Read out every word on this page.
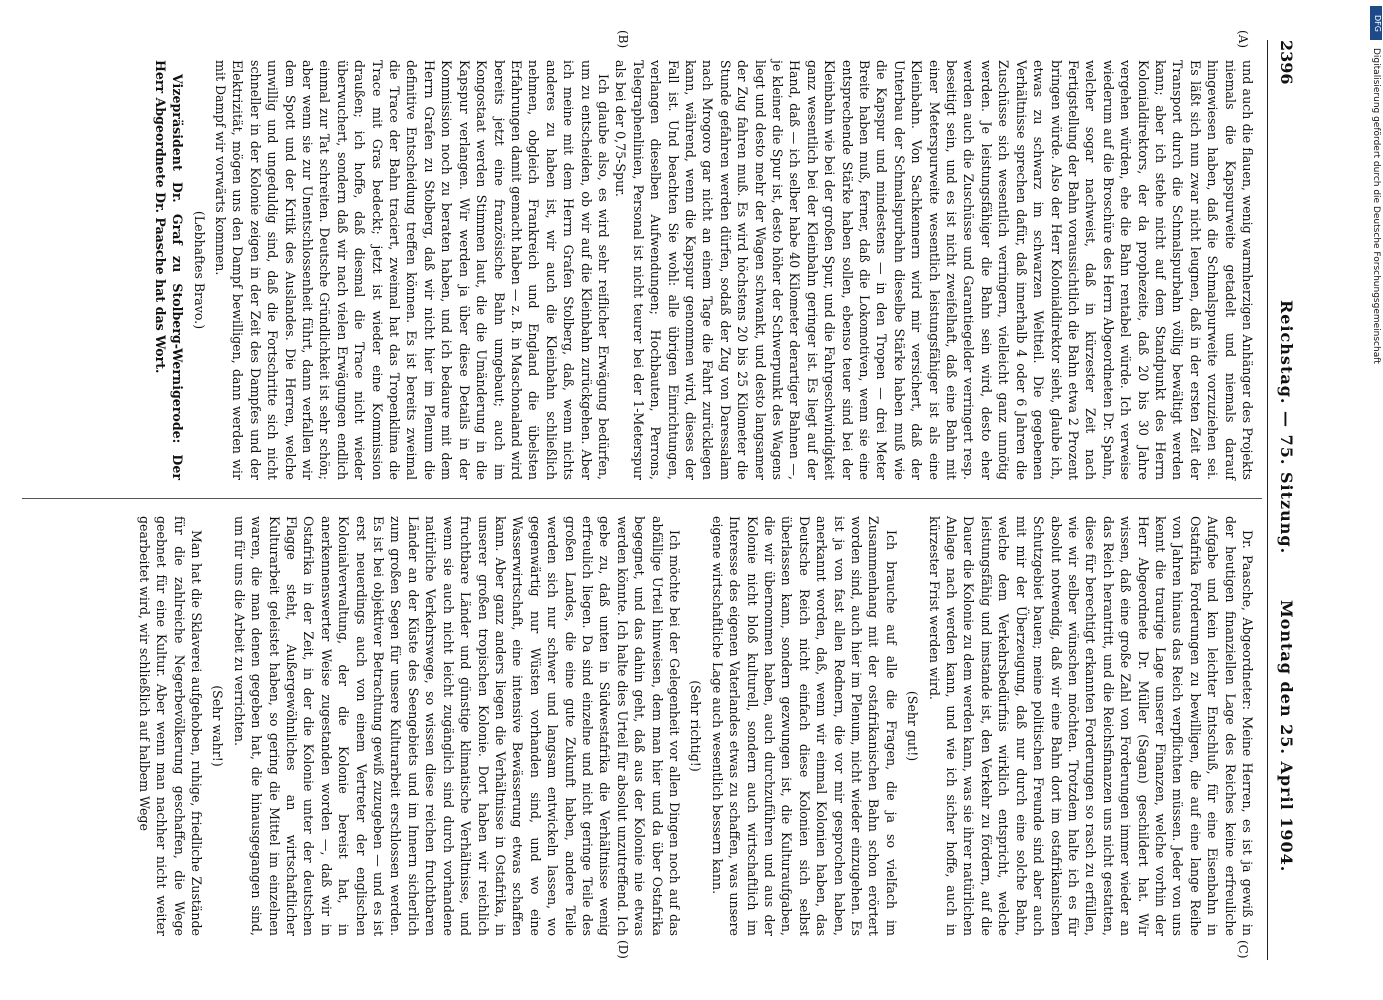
2396
Reichstag. — 75. Sitzung.
Montag den 25. April 1904.
(A)
(B)
(C)
(D)

und auch die flauen, wenig warmherzigen Anhänger des Projekts niemals die Kapspurweite getadelt und niemals darauf hingewiesen haben, daß die Schmalspurweite vorzuziehen sei. Es läßt sich nun zwar nicht leugnen, daß in der ersten Zeit der Transport durch die Schmalspurbahn völlig bewältigt werden kann; aber ich stehe nicht auf dem Standpunkt des Herrn Kolonialdirektors, der da prophezeite, daß 20 bis 30 Jahre vergehen würden, ehe die Bahn rentabel würde. Ich verweise wiederum auf die Broschüre des Herrn Abgeordneten Dr. Spahn, welcher sogar nachweist, daß in kürzester Zeit nach Fertigstellung der Bahn voraussichtlich die Bahn etwa 2 Prozent bringen würde. Also der Herr Kolonialdirektor sieht, glaube ich, etwas zu schwarz im schwarzen Weltteil. Die gegebenen Verhältnisse sprechen dafür, daß innerhalb 4 oder 6 Jahren die Zuschüsse sich wesentlich verringern, vielleicht ganz unnötig werden. Je leistungsfähiger die Bahn sein wird, desto eher werden auch die Zuschüsse und Garantiegelder verringert resp. beseitigt sein, und es ist nicht zweifelhaft, daß eine Bahn mit einer Meterspurweite wesentlich leistungsfähiger ist als eine Kleinbahn. Von Sachkennern wird mir versichert, daß der Unterbau der Schmalspurbahn dieselbe Stärke haben muß wie die Kapspur und mindestens — in den Tropen — drei Meter Breite haben muß, ferner, daß die Lokomotiven, wenn sie eine entsprechende Stärke haben sollen, ebenso teuer sind bei der Kleinbahn wie bei der großen Spur, und die Fahrgeschwindigkeit ganz wesentlich bei der Kleinbahn geringer ist. Es liegt auf der Hand, daß — ich selber habe 40 Kilometer derartiger Bahnen —, je kleiner die Spur ist, desto höher der Schwerpunkt des Wagens liegt und desto mehr der Wagen schwankt, und desto langsamer der Zug fahren muß. Es wird höchstens 20 bis 25 Kilometer die Stunde gefahren werden dürfen, sodaß der Zug von Daressalam nach Mrogoro gar nicht an einem Tage die Fahrt zurücklegen kann, während, wenn die Kapspur genommen wird, dieses der Fall ist. Und beachten Sie wohl: alle übrigen Einrichtungen, verlangen dieselben Aufwendungen; Hochbauten, Perrons, Telegraphenlinien, Personal ist nicht teurer bei der 1-Meterspur als bei der 0,75-Spur.

Ich glaube also, es wird sehr reiflicher Erwägung bedürfen, um zu entscheiden, ob wir auf die Kleinbahn zurückgehen. Aber ich meine mit dem Herrn Grafen Stolberg, daß, wenn nichts anderes zu haben ist, wir auch die Kleinbahn schließlich nehmen, obgleich Frankreich und England die übelsten Erfahrungen damit gemacht haben — z. B. in Maschonaland wird bereits jetzt eine französische Bahn umgebaut; auch im Kongostaat werden Stimmen laut, die die Umänderung in die Kapspur verlangen. Wir werden ja über diese Details in der Kommission noch zu beraten haben, und ich bedaure mit dem Herrn Grafen zu Stolberg, daß wir nicht hier im Plenum die definitive Entscheidung treffen können. Es ist bereits zweimal die Trace der Bahn traciert, zweimal hat das Tropenklima die Trace mit Gras bedeckt; jetzt ist wieder eine Kommission draußen; ich hoffe, daß diesmal die Trace nicht wieder überwuchert, sondern daß wir nach vielen Erwägungen endlich einmal zur Tat schreiten. Deutsche Gründlichkeit ist sehr schön; aber wenn sie zur Unentschlossenheit führt, dann verfallen wir dem Spott und der Kritik des Auslandes. Die Herren, welche unwillig und ungeduldig sind, daß die Fortschritte sich nicht schneller in der Kolonie zeigen in der Zeit des Dampfes und der Elektrizität, mögen uns den Dampf bewilligen, dann werden wir mit Dampf wir vorwärts kommen.

(Lebhaftes Bravo.)

Vizepräsident Dr. Graf zu Stolberg-Wernigerode: Der Herr Abgeordnete Dr. Paasche hat das Wort.

Dr. Paasche, Abgeordneter: Meine Herren, es ist ja gewiß in der heutigen finanziellen Lage des Reiches keine erfreuliche Aufgabe und kein leichter Entschluß, für eine Eisenbahn in Ostafrika Forderungen zu bewilligen, die auf eine lange Reihe von Jahren hinaus das Reich verpflichten müssen. Jeder von uns kennt die traurige Lage unserer Finanzen, welche vorhin der Herr Abgeordnete Dr. Müller (Sagan) geschildert hat. Wir wissen, daß eine große Zahl von Forderungen immer wieder an das Reich herantritt, und die Reichsfinanzen uns nicht gestatten, diese für berechtigt erkannten Forderungen so rasch zu erfüllen, wie wir selber wünschen möchten. Trotzdem halte ich es für absolut notwendig, daß wir eine Bahn dort im ostafrikanischen Schutzgebiet bauen; meine politischen Freunde sind aber auch mit mir der Überzeugung, daß nur durch eine solche Bahn, welche dem Verkehrsbedürfnis wirklich entspricht, welche leistungsfähig und imstande ist, den Verkehr zu fördern, auf die Dauer die Kolonie zu dem werden kann, was sie ihrer natürlichen Anlage nach werden kann, und wie ich sicher hoffe, auch in kürzester Frist werden wird.

(Sehr gut!)

Ich brauche auf alle die Fragen, die ja so vielfach im Zusammenhang mit der ostafrikanischen Bahn schon erörtert worden sind, auch hier im Plenum, nicht wieder einzugehen. Es ist ja von fast allen Rednern, die vor mir gesprochen haben, anerkannt worden, daß, wenn wir einmal Kolonien haben, das Deutsche Reich nicht einfach diese Kolonien sich selbst überlassen kann, sondern gezwungen ist, die Kulturaufgaben, die wir übernommen haben, auch durchzuführen und aus der Kolonie nicht bloß kulturell, sondern auch wirtschaftlich im Interesse des eigenen Vaterlandes etwas zu schaffen, was unsere eigene wirtschaftliche Lage auch wesentlich bessern kann.

(Sehr richtig!)

Ich möchte bei der Gelegenheit vor allen Dingen noch auf das abfällige Urteil hinweisen, dem man hier und da über Ostafrika begegnet, und das dahin geht, daß aus der Kolonie nie etwas werden könnte. Ich halte dies Urteil für absolut unzutreffend. Ich gebe zu, daß unten in Südwestafrika die Verhältnisse wenig erfreulich liegen. Da sind einzelne und nicht geringe Teile des großen Landes, die eine gute Zukunft haben, andere Teile werden sich nur schwer und langsam entwickeln lassen, wo gegenwärtig nur Wüsten vorhanden sind, und wo eine Wasserwirtschaft, eine intensive Bewässerung etwas schaffen kann. Aber ganz anders liegen die Verhältnisse in Ostafrika, in unserer großen tropischen Kolonie. Dort haben wir reichlich fruchtbare Länder und günstige klimatische Verhältnisse, und wenn sie auch nicht leicht zugänglich sind durch vorhandene natürliche Verkehrswege, so wissen diese reichen fruchtbaren Länder an der Küste des Seengebiets und im Innern sicherlich zum großen Segen für unsere Kulturarbeit erschlossen werden. Es ist bei objektiver Betrachtung gewiß zuzugeben — und es ist erst neuerdings auch von einem Vertreter der englischen Kolonialverwaltung, der die Kolonie bereist hat, in anerkennenswerter Weise zugestanden worden —, daß wir in Ostafrika in der Zeit, in der die Kolonie unter der deutschen Flagge steht, Außergewöhnliches an wirtschaftlicher Kulturarbeit geleistet haben, so gering die Mittel im einzelnen waren, die man denen gegeben hat, die hinausgegangen sind, um für uns die Arbeit zu verrichten.

(Sehr wahr!)

Man hat die Sklaverei aufgehoben, ruhige, friedliche Zustände für die zahlreiche Negerbevölkerung geschaffen, die Wege geebnet für eine Kultur. Aber wenn man nachher nicht weiter gearbeitet wird, wir schließlich auf halbem Wege

DFG
Digitalisierung gefördert durch die Deutsche Forschungsgemeinschaft
